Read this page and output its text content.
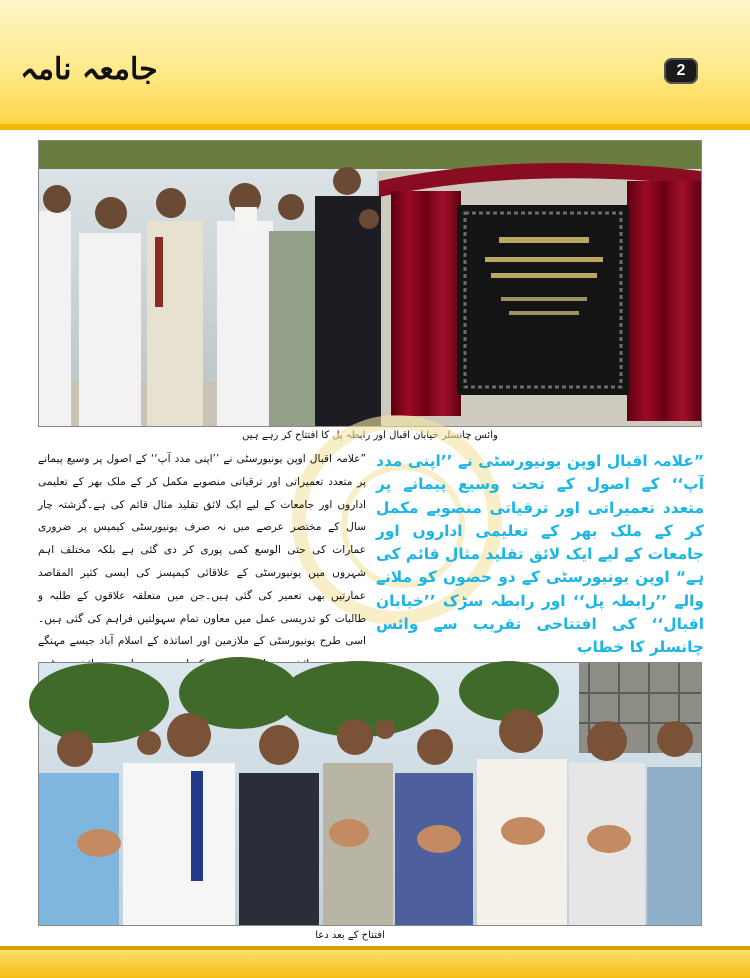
جامعہ نامہ	2
وائس چانسلر خیابان اقبال اور رابطہ پل کا افتتاح کر رہے ہیں
”علامہ اقبال اوپن یونیورسٹی نے ’’اپنی مدد آپ‘‘ کے اصول پر وسیع پیمانے پر متعدد تعمیراتی اور ترقیاتی منصوبے مکمل کر کے ملک بھر کے تعلیمی اداروں اور جامعات کے لیے ایک لائق تقلید مثال قائم کی ہے۔گزشتہ چار سال کے مختصر عرصے میں نہ صرف یونیورسٹی کیمپس پر ضروری عمارات کی حتی الوسع کمی پوری کر دی گئی ہے بلکہ مختلف اہم شہروں میں یونیورسٹی کے علاقائی کیمپسز کی ایسی کثیر المقاصد عمارتیں بھی تعمیر کی گئی ہیں۔جن میں متعلقہ علاقوں کے طلبہ و طالبات کو تدریسی عمل میں معاون تمام سہولتیں فراہم کی گئی ہیں۔اسی طرح یونیورسٹی کے ملازمین اور اساتذہ کے اسلام آباد جیسے مہنگے
”علامہ اقبال اوپن یونیورسٹی نے ’’اپنی مدد آپ‘‘ کے اصول کے تحت وسیع پیمانے پر متعدد تعمیراتی اور ترقیاتی منصوبے مکمل کر کے ملک بھر کے تعلیمی اداروں اور جامعات کے لیے ایک لائق تقلید مثال قائم کی ہے“ اوپن یونیورسٹی کے دو حصوں کو ملانے والے ’’رابطہ پل‘‘ اور رابطہ سڑک ’’خیابان اقبال‘‘ کی افتتاحی تقریب سے وائس چانسلر کا خطاب
افتتاح کے بعد دعا
